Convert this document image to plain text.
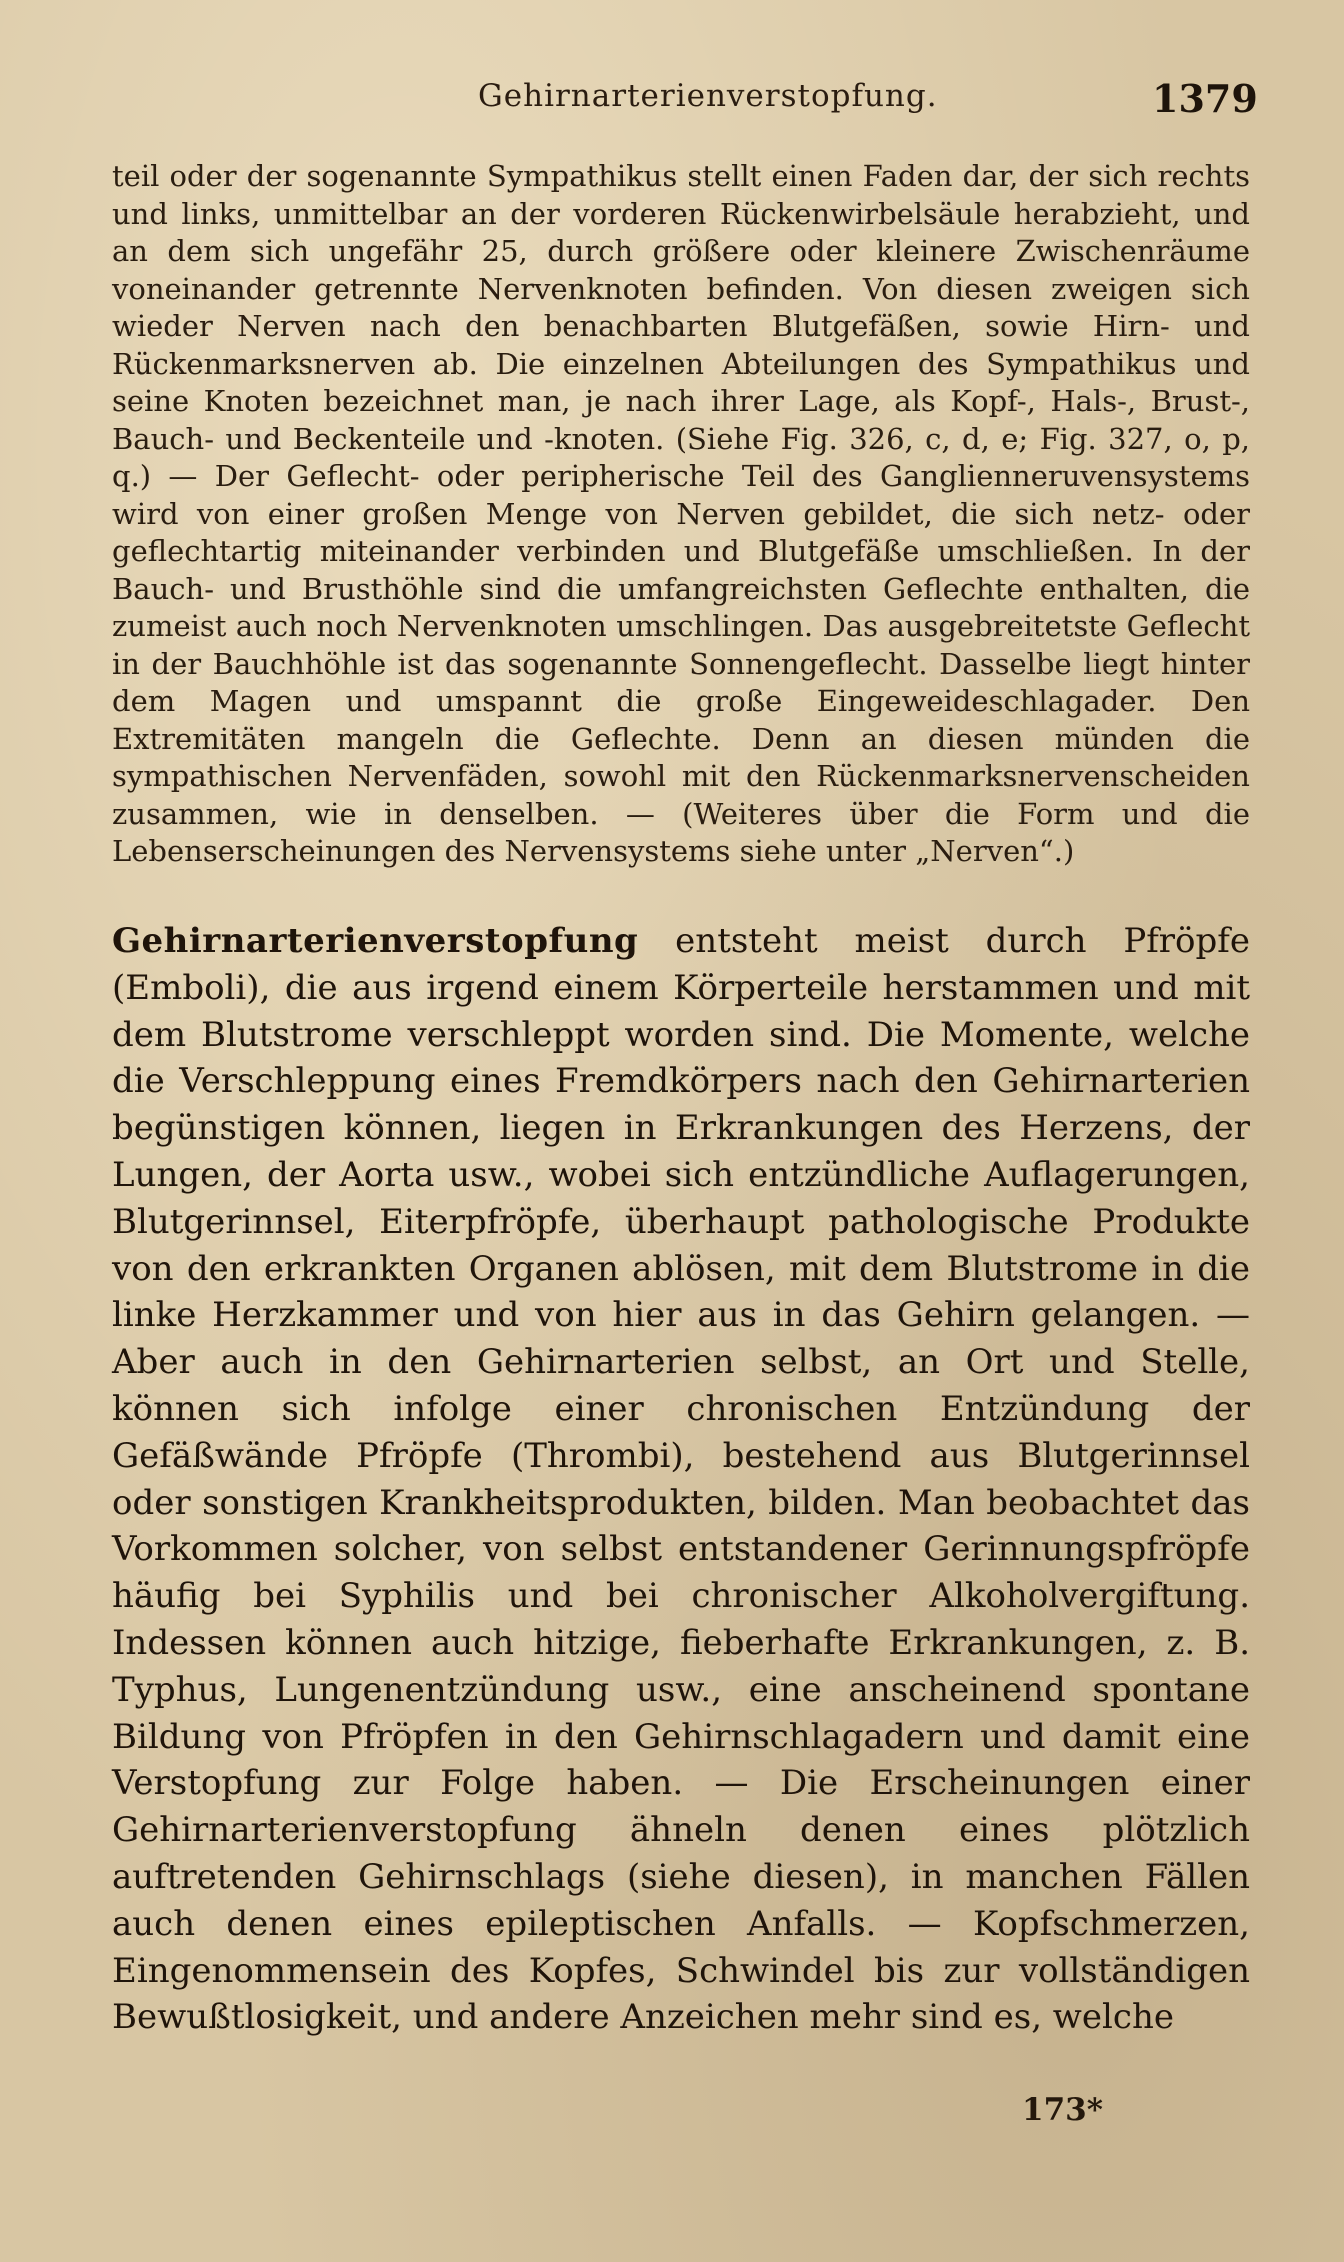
Gehirnarterienverstopfung.	1379

teil oder der sogenannte Sympathikus stellt einen Faden dar, der sich rechts und links, unmittelbar an der vorderen Rückenwirbelsäule herabzieht, und an dem sich ungefähr 25, durch größere oder kleinere Zwischenräume voneinander getrennte Nervenknoten befinden. Von diesen zweigen sich wieder Nerven nach den benachbarten Blutgefäßen, sowie Hirn- und Rückenmarksnerven ab. Die einzelnen Abteilungen des Sympathikus und seine Knoten bezeichnet man, je nach ihrer Lage, als Kopf-, Hals-, Brust-, Bauch- und Beckenteile und -knoten. (Siehe Fig. 326, c, d, e; Fig. 327, o, p, q.) — Der Geflecht- oder peripherische Teil des Ganglienneruvensystems wird von einer großen Menge von Nerven gebildet, die sich netz- oder geflechtartig miteinander verbinden und Blutgefäße umschließen. In der Bauch- und Brusthöhle sind die umfangreichsten Geflechte enthalten, die zumeist auch noch Nervenknoten umschlingen. Das ausgebreitetste Geflecht in der Bauchhöhle ist das sogenannte Sonnengeflecht. Dasselbe liegt hinter dem Magen und umspannt die große Eingeweideschlagader. Den Extremitäten mangeln die Geflechte. Denn an diesen münden die sympathischen Nervenfäden, sowohl mit den Rückenmarksnervenscheiden zusammen, wie in denselben. — (Weiteres über die Form und die Lebenserscheinungen des Nervensystems siehe unter „Nerven“.)

Gehirnarterienverstopfung entsteht meist durch Pfröpfe (Emboli), die aus irgend einem Körperteile herstammen und mit dem Blutstrome verschleppt worden sind. Die Momente, welche die Verschleppung eines Fremdkörpers nach den Gehirnarterien begünstigen können, liegen in Erkrankungen des Herzens, der Lungen, der Aorta usw., wobei sich entzündliche Auflagerungen, Blutgerinnsel, Eiterpfröpfe, überhaupt pathologische Produkte von den erkrankten Organen ablösen, mit dem Blutstrome in die linke Herzkammer und von hier aus in das Gehirn gelangen. — Aber auch in den Gehirnarterien selbst, an Ort und Stelle, können sich infolge einer chronischen Entzündung der Gefäßwände Pfröpfe (Thrombi), bestehend aus Blutgerinnsel oder sonstigen Krankheitsprodukten, bilden. Man beobachtet das Vorkommen solcher, von selbst entstandener Gerinnungspfröpfe häufig bei Syphilis und bei chronischer Alkoholvergiftung. Indessen können auch hitzige, fieberhafte Erkrankungen, z. B. Typhus, Lungenentzündung usw., eine anscheinend spontane Bildung von Pfröpfen in den Gehirnschlagadern und damit eine Verstopfung zur Folge haben. — Die Erscheinungen einer Gehirnarterienverstopfung ähneln denen eines plötzlich auftretenden Gehirnschlags (siehe diesen), in manchen Fällen auch denen eines epileptischen Anfalls. — Kopfschmerzen, Eingenommensein des Kopfes, Schwindel bis zur vollständigen Bewußtlosigkeit, und andere Anzeichen mehr sind es, welche

173*
